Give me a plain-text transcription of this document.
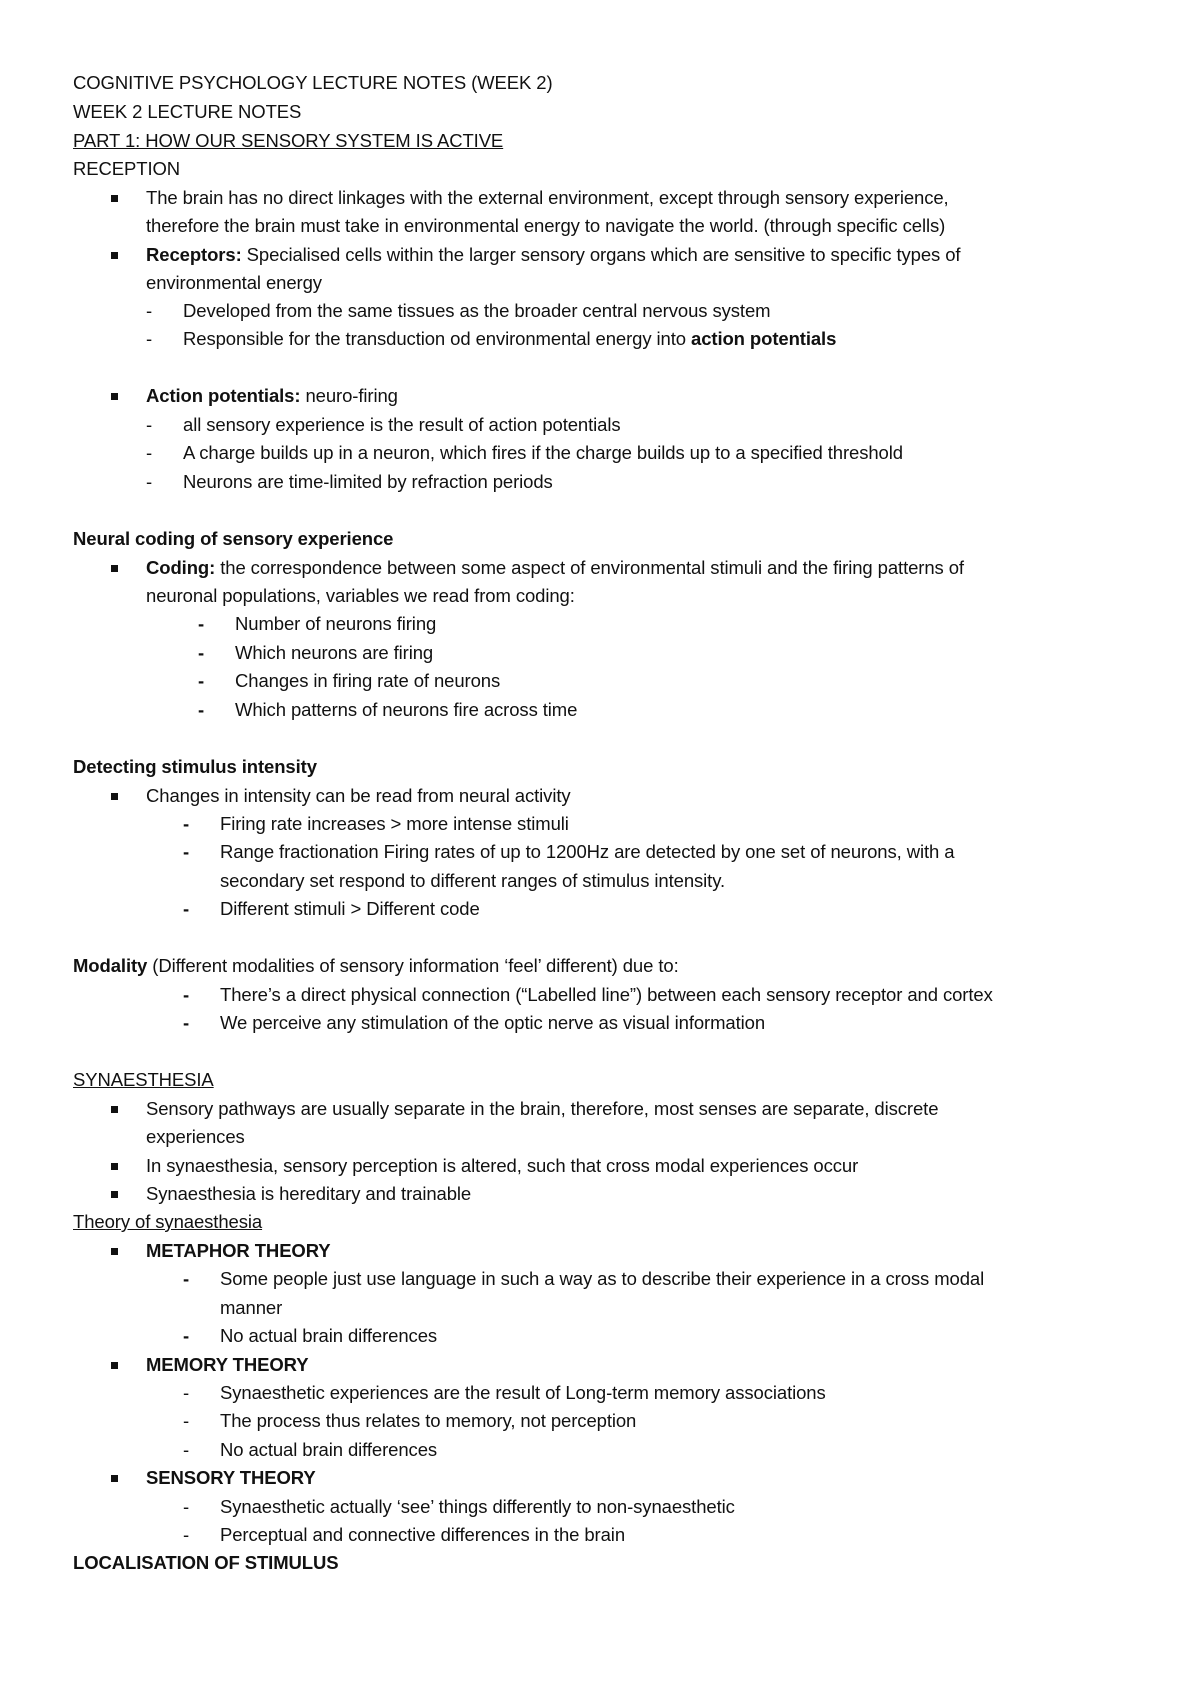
COGNITIVE PSYCHOLOGY LECTURE NOTES (WEEK 2)
WEEK 2 LECTURE NOTES
PART 1: HOW OUR SENSORY SYSTEM IS ACTIVE
RECEPTION
The brain has no direct linkages with the external environment, except through sensory experience,
therefore the brain must take in environmental energy to navigate the world. (through specific cells)
Receptors: Specialised cells within the larger sensory organs which are sensitive to specific types of
environmental energy
- Developed from the same tissues as the broader central nervous system
- Responsible for the transduction od environmental energy into action potentials
Action potentials: neuro-firing
- all sensory experience is the result of action potentials
- A charge builds up in a neuron, which fires if the charge builds up to a specified threshold
- Neurons are time-limited by refraction periods
Neural coding of sensory experience
Coding: the correspondence between some aspect of environmental stimuli and the firing patterns of
neuronal populations, variables we read from coding:
- Number of neurons firing
- Which neurons are firing
- Changes in firing rate of neurons
- Which patterns of neurons fire across time
Detecting stimulus intensity
Changes in intensity can be read from neural activity
- Firing rate increases > more intense stimuli
- Range fractionation Firing rates of up to 1200Hz are detected by one set of neurons, with a
secondary set respond to different ranges of stimulus intensity.
- Different stimuli > Different code
Modality (Different modalities of sensory information ‘feel’ different) due to:
- There’s a direct physical connection (“Labelled line”) between each sensory receptor and cortex
- We perceive any stimulation of the optic nerve as visual information
SYNAESTHESIA
Sensory pathways are usually separate in the brain, therefore, most senses are separate, discrete
experiences
In synaesthesia, sensory perception is altered, such that cross modal experiences occur
Synaesthesia is hereditary and trainable
Theory of synaesthesia
METAPHOR THEORY
- Some people just use language in such a way as to describe their experience in a cross modal
manner
- No actual brain differences
MEMORY THEORY
- Synaesthetic experiences are the result of Long-term memory associations
- The process thus relates to memory, not perception
- No actual brain differences
SENSORY THEORY
- Synaesthetic actually ‘see’ things differently to non-synaesthetic
- Perceptual and connective differences in the brain
LOCALISATION OF STIMULUS
